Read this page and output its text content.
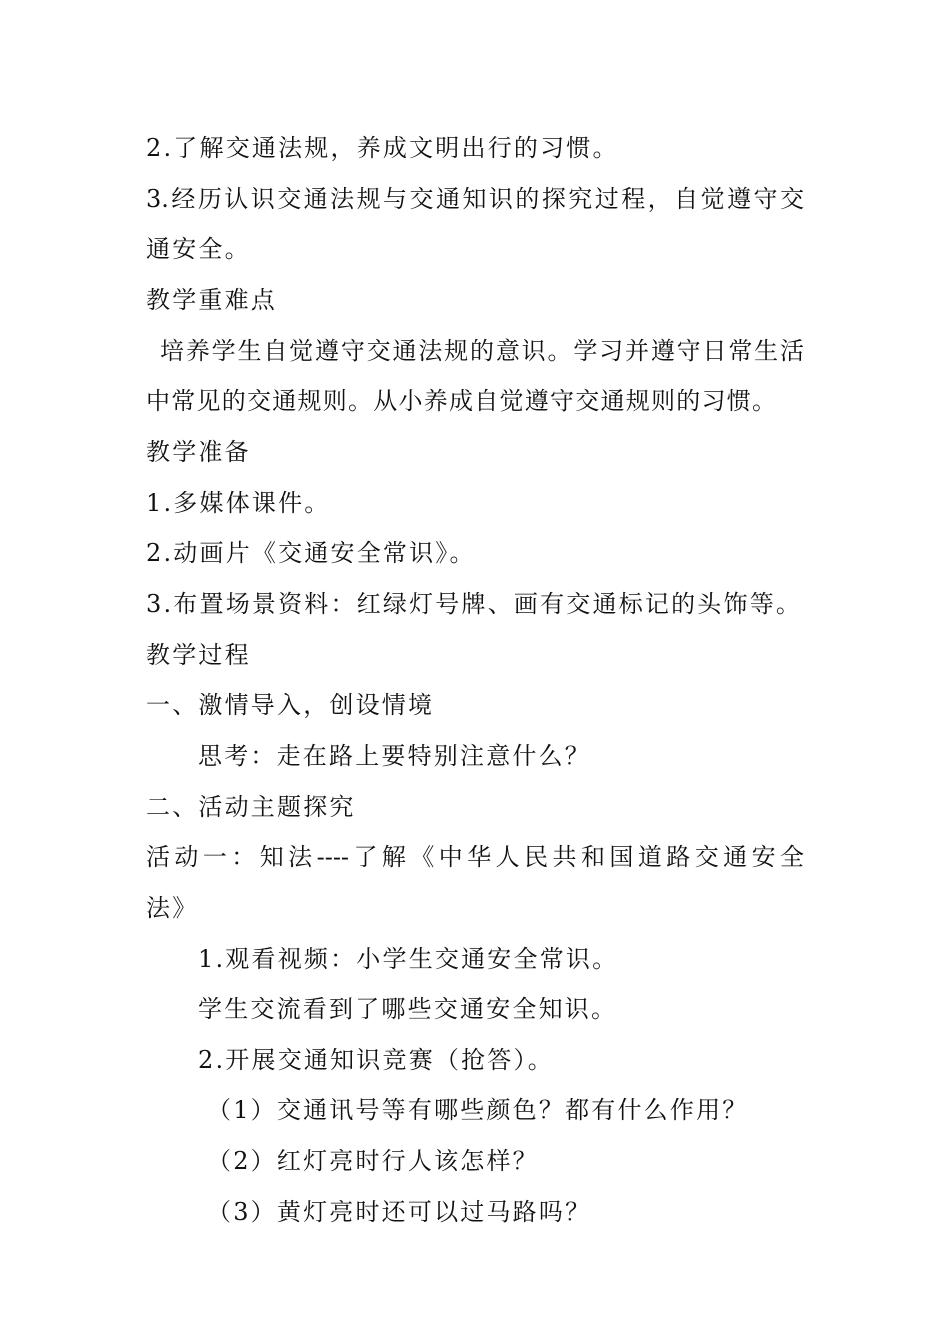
2.了解交通法规，养成文明出行的习惯。
3.经历认识交通法规与交通知识的探究过程，自觉遵守交
通安全。
教学重难点
培养学生自觉遵守交通法规的意识。学习并遵守日常生活
中常见的交通规则。从小养成自觉遵守交通规则的习惯。
教学准备
1.多媒体课件。
2.动画片《交通安全常识》。
3.布置场景资料：红绿灯号牌、画有交通标记的头饰等。
教学过程
一、激情导入，创设情境
思考：走在路上要特别注意什么？
二、活动主题探究
活动一：知法----了解《中华人民共和国道路交通安全
法》
1.观看视频：小学生交通安全常识。
学生交流看到了哪些交通安全知识。
2.开展交通知识竞赛（抢答）。
（1）交通讯号等有哪些颜色？都有什么作用？
（2）红灯亮时行人该怎样？
（3）黄灯亮时还可以过马路吗？
